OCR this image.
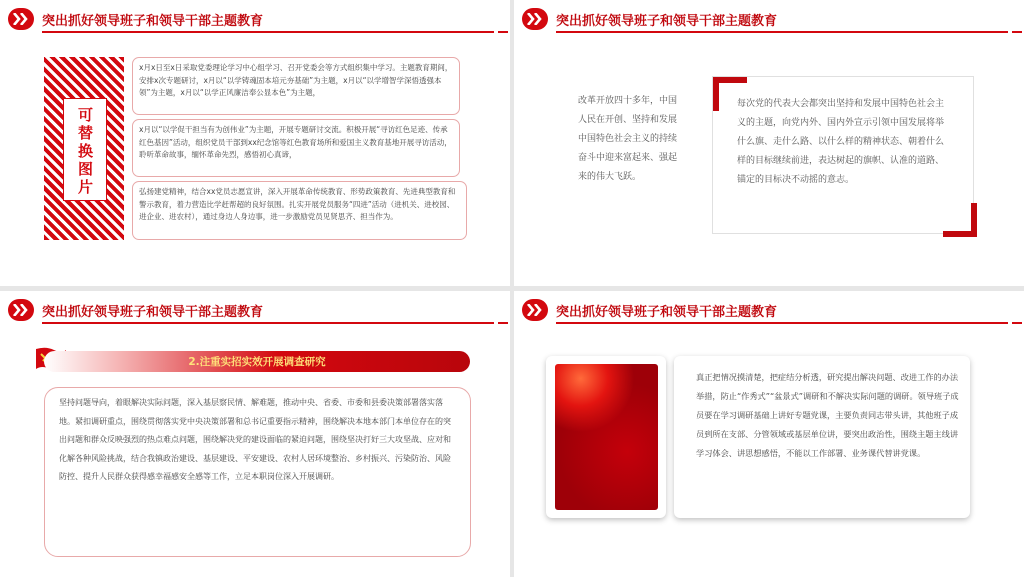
突出抓好领导班子和领导干部主题教育
可替换图片

x月x日至x日采取党委理论学习中心组学习、召开党委会等方式组织集中学习。主题教育期间，安排x次专题研讨，x月以“以学铸魂固本培元夯基础”为主题，x月以“以学增智学深悟透强本领”为主题，x月以“以学正风廉洁奉公显本色”为主题，

x月以“以学促干担当有为创伟业”为主题，开展专题研讨交流。积极开展“寻访红色足迹、传承红色基因”活动，组织党员干部到xx纪念馆等红色教育场所和爱国主义教育基地开展寻访活动，聆听革命故事，缅怀革命先烈，感悟初心真谛，

弘扬建党精神，结合xx党员志愿宣讲，深入开展革命传统教育、形势政策教育、先进典型教育和警示教育，着力营造比学赶帮超的良好氛围。扎实开展党员服务“四进”活动（进机关、进校园、进企业、进农村），通过身边人身边事，进一步激励党员见贤思齐、担当作为。

突出抓好领导班子和领导干部主题教育
改革开放四十多年，中国人民在开创、坚持和发展中国特色社会主义的持续奋斗中迎来富起来、强起来的伟大飞跃。
每次党的代表大会都突出坚持和发展中国特色社会主义的主题，向党内外、国内外宣示引领中国发展将举什么旗、走什么路、以什么样的精神状态、朝着什么样的目标继续前进，表达树起的旗帜、认准的道路、锚定的目标决不动摇的意志。
突出抓好领导班子和领导干部主题教育
2.注重实招实效开展调查研究

坚持问题导向，着眼解决实际问题，深入基层察民情、解难题，推动中央、省委、市委和县委决策部署落实落地。紧扣调研重点，围绕贯彻落实党中央决策部署和总书记重要指示精神，围绕解决本地本部门本单位存在的突出问题和群众反映强烈的热点难点问题，围绕解决党的建设面临的紧迫问题，围绕坚决打好三大攻坚战、应对和化解各种风险挑战，结合我镇政治建设、基层建设、平安建设、农村人居环境整治、乡村振兴、污染防治、风险防控、提升人民群众获得感幸福感安全感等工作，立足本职岗位深入开展调研。

突出抓好领导班子和领导干部主题教育

真正把情况摸清楚，把症结分析透，研究提出解决问题、改进工作的办法举措，防止“作秀式”“盆景式”调研和不解决实际问题的调研。领导班子成员要在学习调研基础上讲好专题党课，主要负责同志带头讲，其他班子成员到所在支部、分管领域或基层单位讲，要突出政治性，围绕主题主线讲学习体会、讲思想感悟，不能以工作部署、业务课代替讲党课。
